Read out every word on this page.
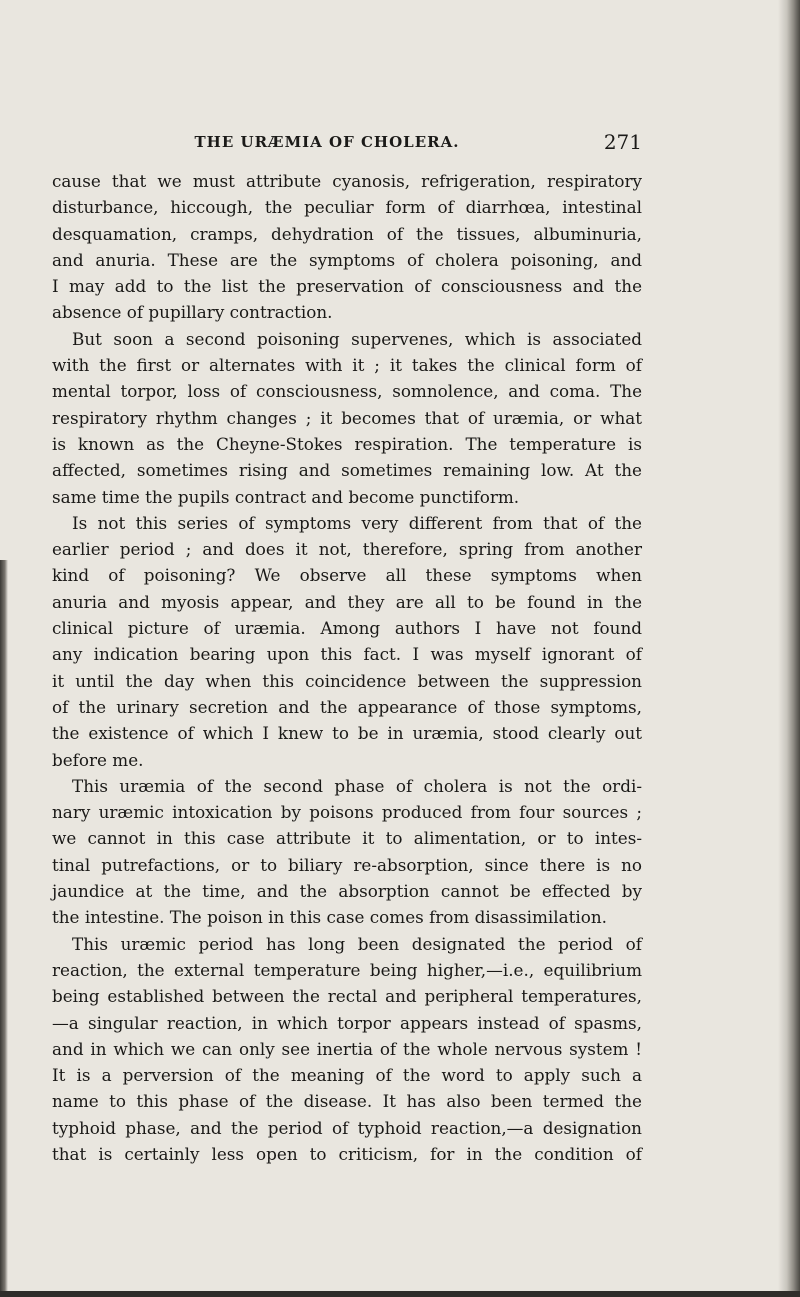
THE URÆMIA OF CHOLERA.	271
cause that we must attribute cyanosis, refrigeration, respiratory
disturbance, hiccough, the peculiar form of diarrhœa, intestinal
desquamation, cramps, dehydration of the tissues, albuminuria,
and anuria. These are the symptoms of cholera poisoning, and
I may add to the list the preservation of consciousness and the
absence of pupillary contraction.
But soon a second poisoning supervenes, which is associated
with the first or alternates with it ; it takes the clinical form of
mental torpor, loss of consciousness, somnolence, and coma. The
respiratory rhythm changes ; it becomes that of uræmia, or what
is known as the Cheyne-Stokes respiration. The temperature is
affected, sometimes rising and sometimes remaining low. At the
same time the pupils contract and become punctiform.
Is not this series of symptoms very different from that of the
earlier period ; and does it not, therefore, spring from another
kind of poisoning? We observe all these symptoms when
anuria and myosis appear, and they are all to be found in the
clinical picture of uræmia. Among authors I have not found
any indication bearing upon this fact. I was myself ignorant of
it until the day when this coincidence between the suppression
of the urinary secretion and the appearance of those symptoms,
the existence of which I knew to be in uræmia, stood clearly out
before me.
This uræmia of the second phase of cholera is not the ordi-
nary uræmic intoxication by poisons produced from four sources ;
we cannot in this case attribute it to alimentation, or to intes-
tinal putrefactions, or to biliary re-absorption, since there is no
jaundice at the time, and the absorption cannot be effected by
the intestine. The poison in this case comes from disassimilation.
This uræmic period has long been designated the period of
reaction, the external temperature being higher,—i.e., equilibrium
being established between the rectal and peripheral temperatures,
—a singular reaction, in which torpor appears instead of spasms,
and in which we can only see inertia of the whole nervous system !
It is a perversion of the meaning of the word to apply such a
name to this phase of the disease. It has also been termed the
typhoid phase, and the period of typhoid reaction,—a designation
that is certainly less open to criticism, for in the condition of
